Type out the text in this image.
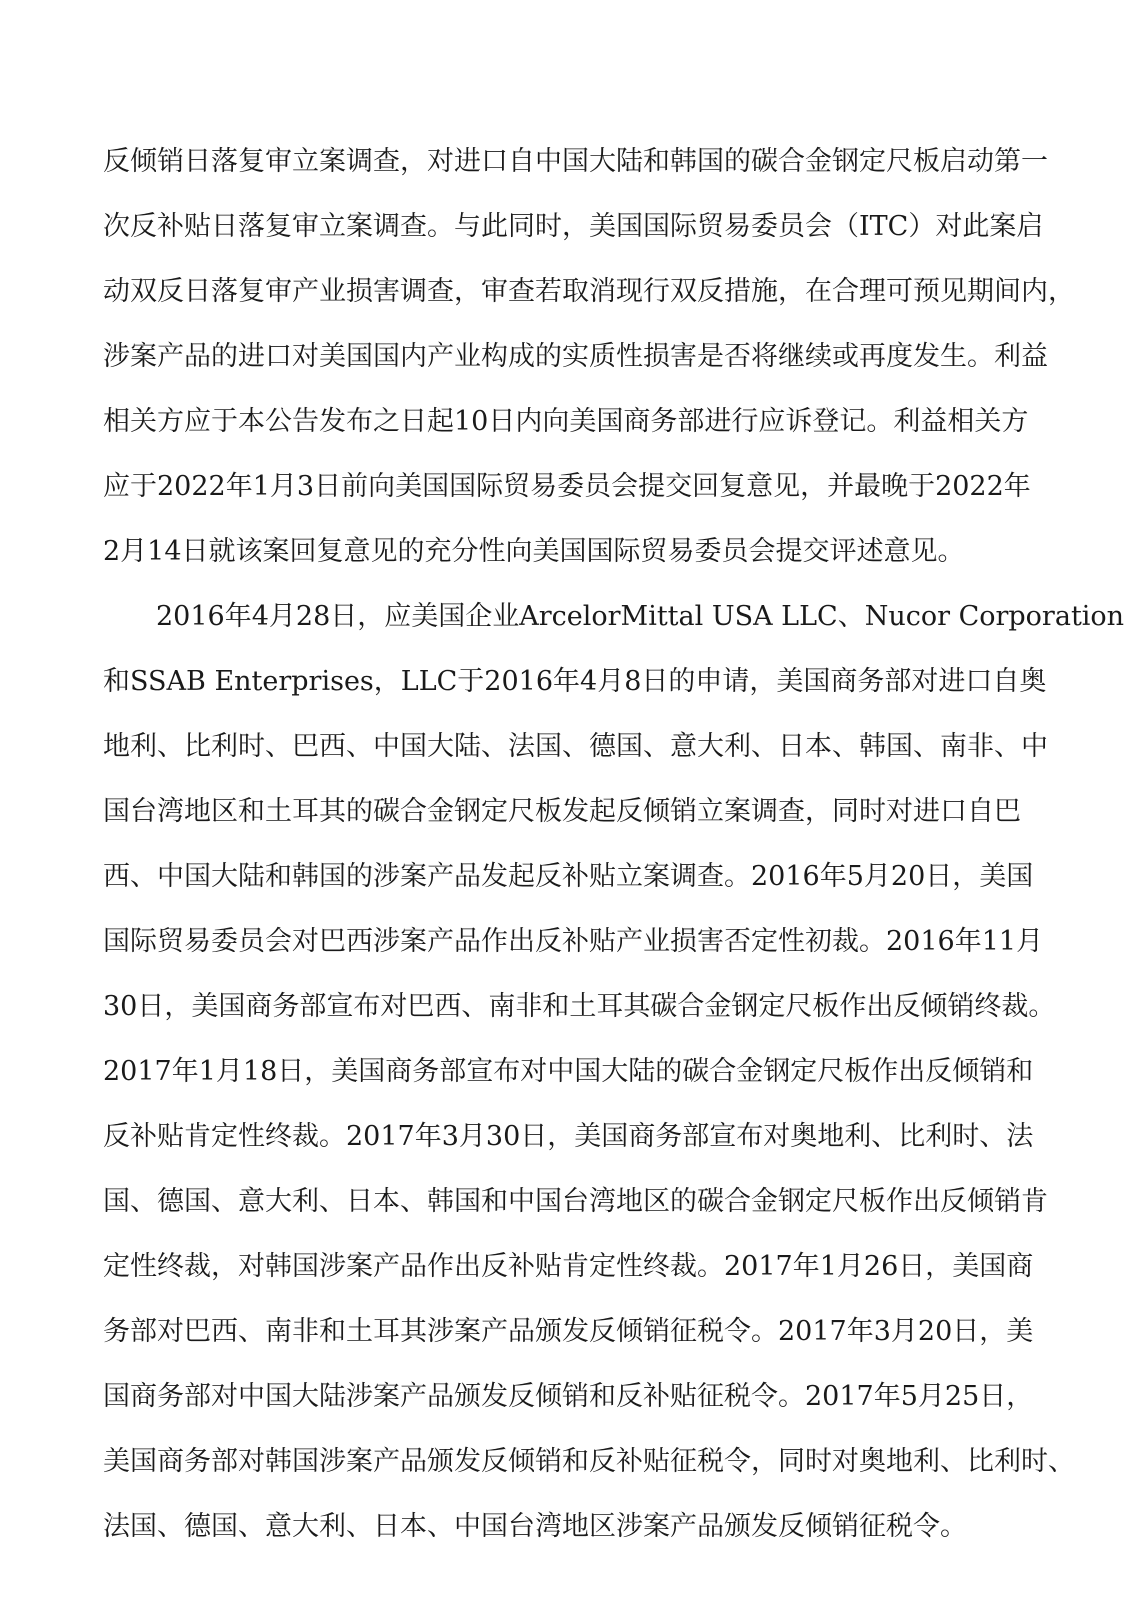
反倾销日落复审立案调查，对进口自中国大陆和韩国的碳合金钢定尺板启动第一
次反补贴日落复审立案调查。与此同时，美国国际贸易委员会（ITC）对此案启
动双反日落复审产业损害调查，审查若取消现行双反措施，在合理可预见期间内，
涉案产品的进口对美国国内产业构成的实质性损害是否将继续或再度发生。利益
相关方应于本公告发布之日起10日内向美国商务部进行应诉登记。利益相关方
应于2022年1月3日前向美国国际贸易委员会提交回复意见，并最晚于2022年
2月14日就该案回复意见的充分性向美国国际贸易委员会提交评述意见。
2016年4月28日，应美国企业ArcelorMittal USA LLC、Nucor Corporation
和SSAB Enterprises，LLC于2016年4月8日的申请，美国商务部对进口自奥
地利、比利时、巴西、中国大陆、法国、德国、意大利、日本、韩国、南非、中
国台湾地区和土耳其的碳合金钢定尺板发起反倾销立案调查，同时对进口自巴
西、中国大陆和韩国的涉案产品发起反补贴立案调查。2016年5月20日，美国
国际贸易委员会对巴西涉案产品作出反补贴产业损害否定性初裁。2016年11月
30日，美国商务部宣布对巴西、南非和土耳其碳合金钢定尺板作出反倾销终裁。
2017年1月18日，美国商务部宣布对中国大陆的碳合金钢定尺板作出反倾销和
反补贴肯定性终裁。2017年3月30日，美国商务部宣布对奥地利、比利时、法
国、德国、意大利、日本、韩国和中国台湾地区的碳合金钢定尺板作出反倾销肯
定性终裁，对韩国涉案产品作出反补贴肯定性终裁。2017年1月26日，美国商
务部对巴西、南非和土耳其涉案产品颁发反倾销征税令。2017年3月20日，美
国商务部对中国大陆涉案产品颁发反倾销和反补贴征税令。2017年5月25日，
美国商务部对韩国涉案产品颁发反倾销和反补贴征税令，同时对奥地利、比利时、
法国、德国、意大利、日本、中国台湾地区涉案产品颁发反倾销征税令。
